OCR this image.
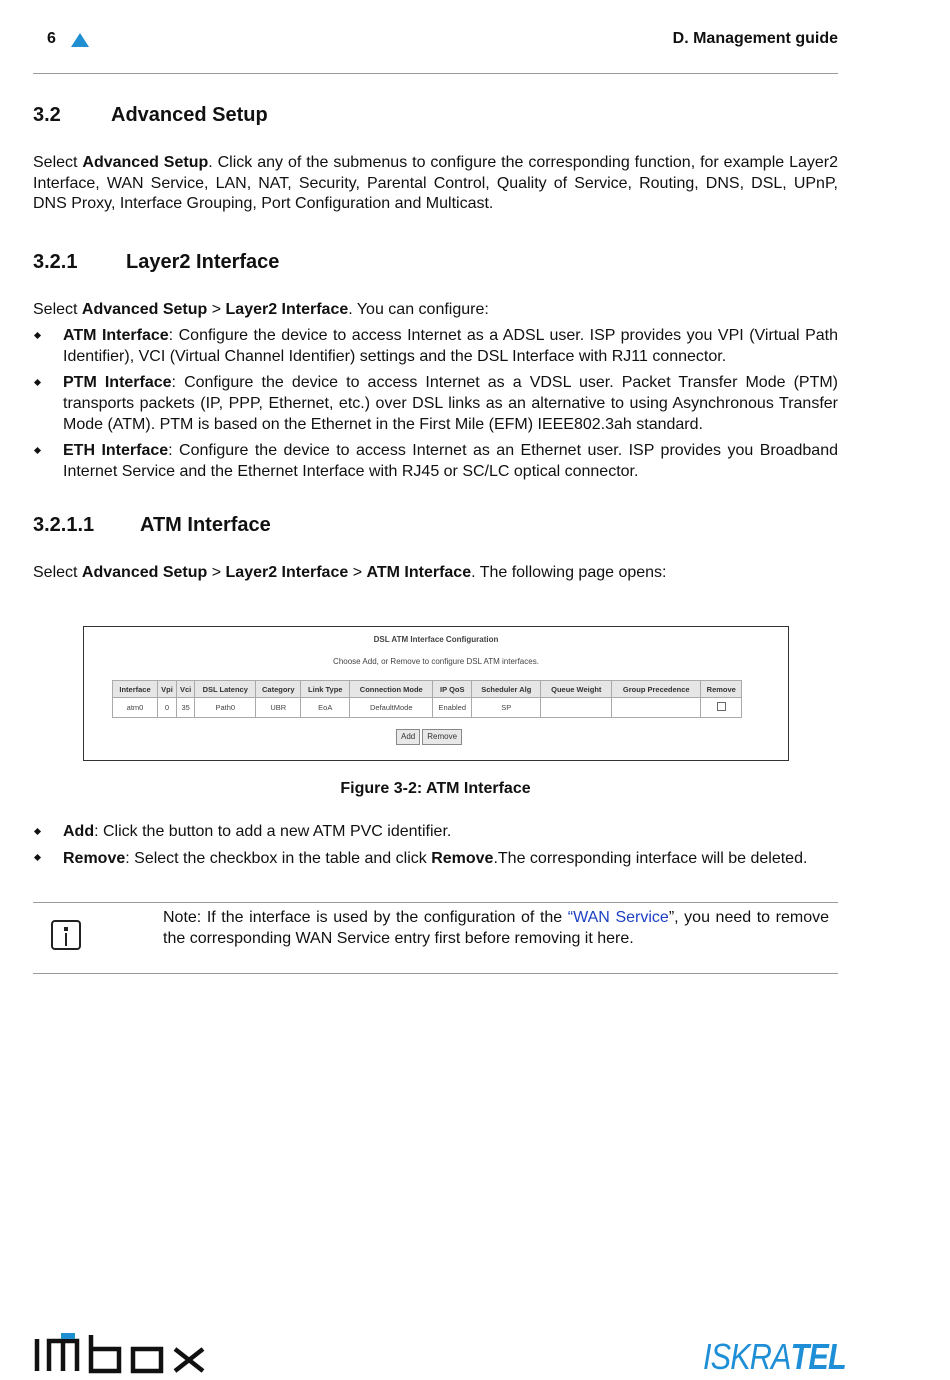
6	D. Management guide
3.2	Advanced Setup

Select Advanced Setup. Click any of the submenus to configure the corresponding function, for example Layer2 Interface, WAN Service, LAN, NAT, Security, Parental Control, Quality of Service, Routing, DNS, DSL, UPnP, DNS Proxy, Interface Grouping, Port Configuration and Multicast.

3.2.1 Layer2 Interface

Select Advanced Setup > Layer2 Interface. You can configure:

ATM Interface: Configure the device to access Internet as a ADSL user. ISP provides you VPI (Virtual Path Identifier), VCI (Virtual Channel Identifier) settings and the DSL Interface with RJ11 connector.
PTM Interface: Configure the device to access Internet as a VDSL user. Packet Transfer Mode (PTM) transports packets (IP, PPP, Ethernet, etc.) over DSL links as an alternative to using Asynchronous Transfer Mode (ATM). PTM is based on the Ethernet in the First Mile (EFM) IEEE802.3ah standard.
ETH Interface: Configure the device to access Internet as an Ethernet user. ISP provides you Broadband Internet Service and the Ethernet Interface with RJ45 or SC/LC optical connector.
3.2.1.1 ATM Interface

Select Advanced Setup > Layer2 Interface > ATM Interface. The following page opens:

DSL ATM Interface Configuration
Choose Add, or Remove to configure DSL ATM interfaces.
Interface	Vpi	Vci	DSL Latency	Category	Link Type	Connection Mode	IP QoS	Scheduler Alg	Queue Weight	Group Precedence	Remove
atm0	0	35	Path0	UBR	EoA	DefaultMode	Enabled	SP			
Add Remove
Figure 3-2: ATM Interface
Add: Click the button to add a new ATM PVC identifier.
Remove: Select the checkbox in the table and click Remove.The corresponding interface will be deleted.

Note: If the interface is used by the configuration of the “WAN Service”, you need to remove the corresponding WAN Service entry first before removing it here.

ISKRATEL
